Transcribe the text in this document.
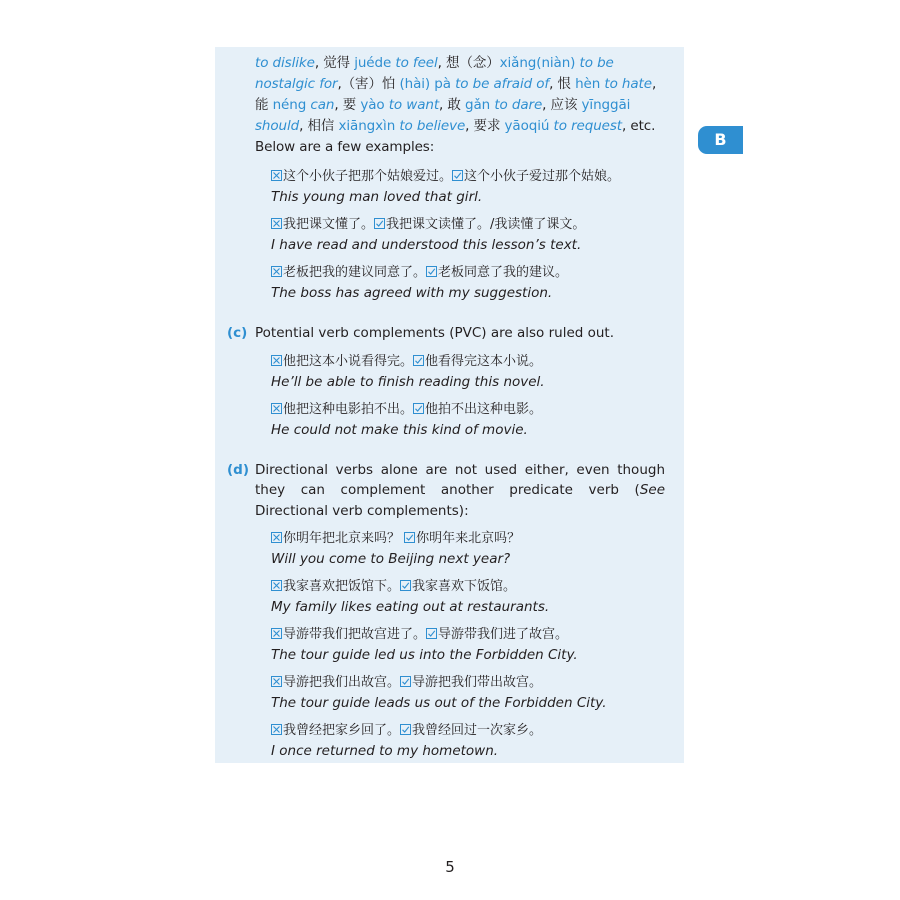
B

to dislike, 觉得 juéde to feel, 想（念）xiǎng(niàn) to be nostalgic for,（害）怕 (hài) pà to be afraid of, 恨 hèn to hate, 能 néng can, 要 yào to want, 敢 gǎn to dare, 应该 yīnggāi should, 相信 xiāngxìn to believe, 要求 yāoqiú to request, etc. Below are a few examples:

这个小伙子把那个姑娘爱过。 这个小伙子爱过那个姑娘。
This young man loved that girl.
我把课文懂了。 我把课文读懂了。/我读懂了课文。
I have read and understood this lesson’s text.
老板把我的建议同意了。 老板同意了我的建议。
The boss has agreed with my suggestion.
(c) Potential verb complements (PVC) are also ruled out.

他把这本小说看得完。 他看得完这本小说。
He’ll be able to finish reading this novel.
他把这种电影拍不出。 他拍不出这种电影。
He could not make this kind of movie.
(d) Directional verbs alone are not used either, even though they can complement another predicate verb (See Directional verb complements):

你明年把北京来吗？ 你明年来北京吗？
Will you come to Beijing next year?
我家喜欢把饭馆下。 我家喜欢下饭馆。
My family likes eating out at restaurants.
导游带我们把故宫进了。 导游带我们进了故宫。
The tour guide led us into the Forbidden City.
导游把我们出故宫。 导游把我们带出故宫。
The tour guide leads us out of the Forbidden City.
我曾经把家乡回了。 我曾经回过一次家乡。
I once returned to my hometown.
5
